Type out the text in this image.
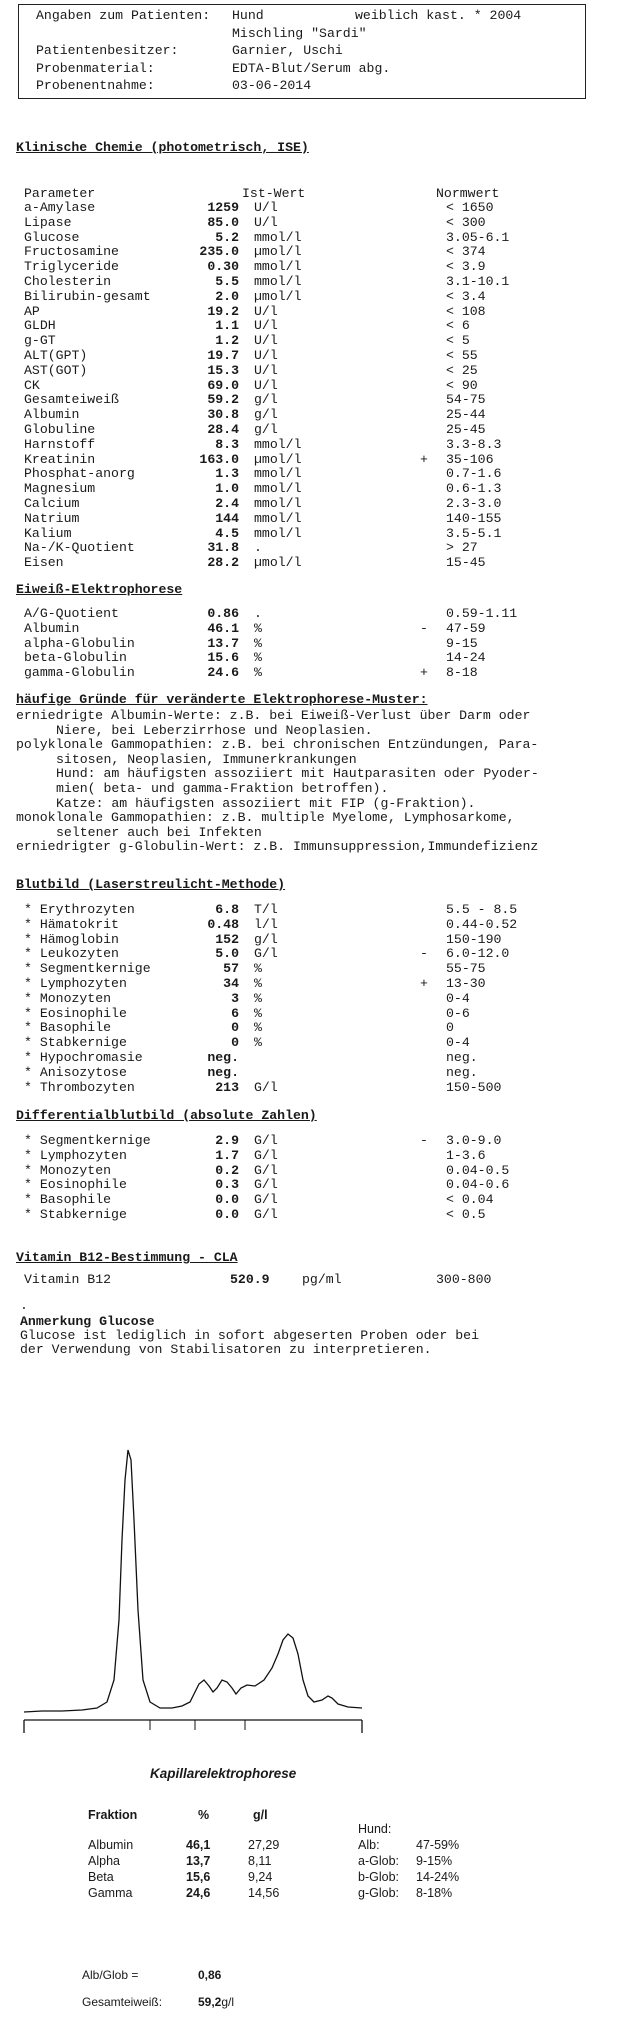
Angaben zum Patienten: Hund	weiblich kast. * 2004
Mischling "Sardi"
Patientenbesitzer:	Garnier, Uschi
Probenmaterial:	EDTA-Blut/Serum abg.
Probenentnahme:	03-06-2014
Klinische Chemie (photometrisch, ISE)
Parameter	Ist-Wert	Normwert
a-Amylase	1259 U/l	< 1650
Lipase	85.0 U/l	< 300
Glucose	5.2 mmol/l	3.05-6.1
Fructosamine	235.0 µmol/l	< 374
Triglyceride	0.30 mmol/l	< 3.9
Cholesterin	5.5 mmol/l	3.1-10.1
Bilirubin-gesamt	2.0 µmol/l	< 3.4
AP	19.2 U/l	< 108
GLDH	1.1 U/l	< 6
g-GT	1.2 U/l	< 5
ALT(GPT)	19.7 U/l	< 55
AST(GOT)	15.3 U/l	< 25
CK	69.0 U/l	< 90
Gesamteiweiß	59.2 g/l	54-75
Albumin	30.8 g/l	25-44
Globuline	28.4 g/l	25-45
Harnstoff	8.3 mmol/l	3.3-8.3
Kreatinin	163.0 µmol/l	+ 35-106
Phosphat-anorg	1.3 mmol/l	0.7-1.6
Magnesium	1.0 mmol/l	0.6-1.3
Calcium	2.4 mmol/l	2.3-3.0
Natrium	144 mmol/l	140-155
Kalium	4.5 mmol/l	3.5-5.1
Na-/K-Quotient	31.8 .	> 27
Eisen	28.2 µmol/l	15-45
Eiweiß-Elektrophorese
A/G-Quotient	0.86 .	0.59-1.11
Albumin	46.1 %	- 47-59
alpha-Globulin	13.7 %	9-15
beta-Globulin	15.6 %	14-24
gamma-Globulin	24.6 %	+ 8-18
häufige Gründe für veränderte Elektrophorese-Muster:
erniedrigte Albumin-Werte: z.B. bei Eiweiß-Verlust über Darm oder
Niere, bei Leberzirrhose und Neoplasien.
polyklonale Gammopathien: z.B. bei chronischen Entzündungen, Para-
sitosen, Neoplasien, Immunerkrankungen
Hund: am häufigsten assoziiert mit Hautparasiten oder Pyoder-
mien( beta- und gamma-Fraktion betroffen).
Katze: am häufigsten assoziiert mit FIP (g-Fraktion).
monoklonale Gammopathien: z.B. multiple Myelome, Lymphosarkome,
seltener auch bei Infekten
erniedrigter g-Globulin-Wert: z.B. Immunsuppression,Immundefizienz
Blutbild (Laserstreulicht-Methode)
* Erythrozyten	6.8 T/l	5.5 - 8.5
* Hämatokrit	0.48 l/l	0.44-0.52
* Hämoglobin	152 g/l	150-190
* Leukozyten	5.0 G/l	- 6.0-12.0
* Segmentkernige	57 %	55-75
* Lymphozyten	34 %	+ 13-30
* Monozyten	3 %	0-4
* Eosinophile	6 %	0-6
* Basophile	0 %	0
* Stabkernige	0 %	0-4
* Hypochromasie	neg.	neg.
* Anisozytose	neg.	neg.
* Thrombozyten	213 G/l	150-500
Differentialblutbild (absolute Zahlen)
* Segmentkernige	2.9 G/l	- 3.0-9.0
* Lymphozyten	1.7 G/l	1-3.6
* Monozyten	0.2 G/l	0.04-0.5
* Eosinophile	0.3 G/l	0.04-0.6
* Basophile	0.0 G/l	< 0.04
* Stabkernige	0.0 G/l	< 0.5
Vitamin B12-Bestimmung - CLA
Vitamin B12	520.9 pg/ml	300-800
.
Anmerkung Glucose
Glucose ist lediglich in sofort abgeserten Proben oder bei
der Verwendung von Stabilisatoren zu interpretieren.
Kapillarelektrophorese
Fraktion	%	g/l
Albumin	46,1	27,29
Alpha	13,7	8,11
Beta	15,6	9,24
Gamma	24,6	14,56
Hund:
Alb:	47-59%
a-Glob: 9-15%
b-Glob: 14-24%
g-Glob: 8-18%
Alb/Glob =	0,86
Gesamteiweiß:	59,2g/l
